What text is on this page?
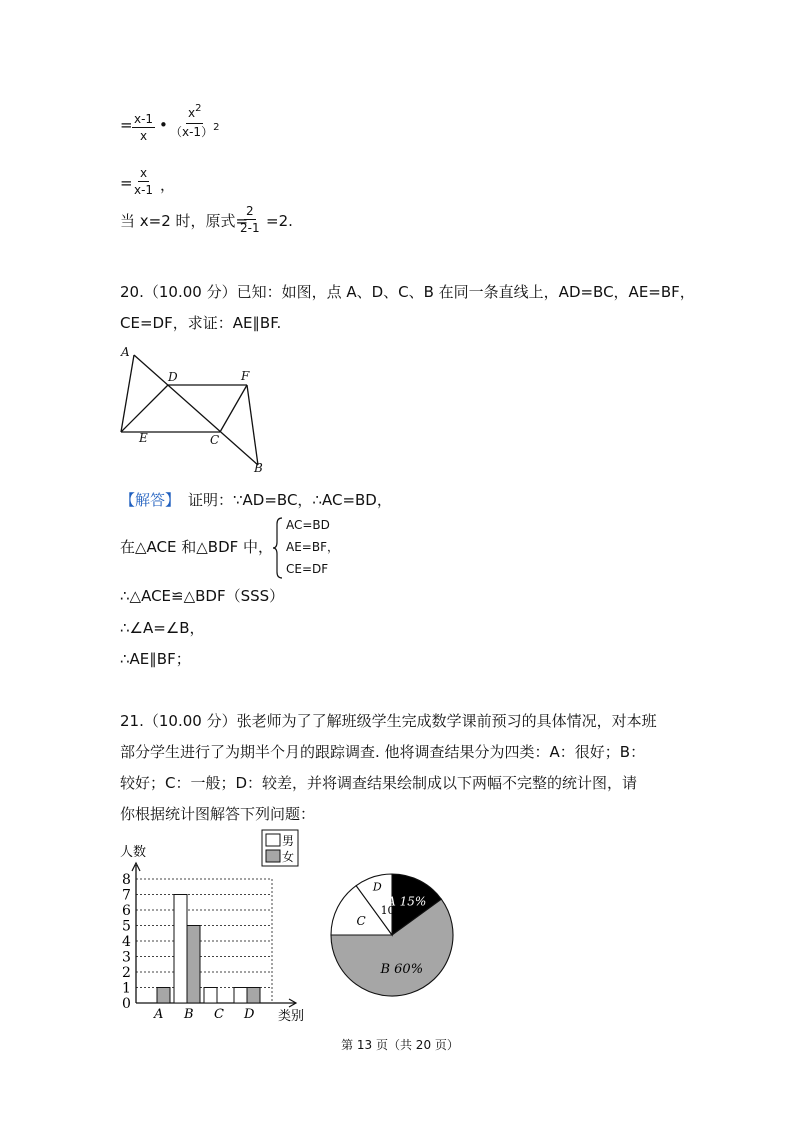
= $\frac{x-1}{x}$ • $\frac{x^2}{(x-1)^2}$
= $\frac{x}{x-1}$ ，
当 x=2 时，原式=
$\frac{2}{2-1} =2$.
20.（10.00 分）已知：如图，点 A、D、C、B 在同一条直线上，AD=BC，AE=BF，
CE=DF，求证：AE∥BF.
A
D	F
E	C
B
【解答】 证明：∵AD=BC，∴AC=BD，
在△ACE 和△BDF 中，
AC=BD
AE=BF，
CE=DF
∴△ACE≌△BDF（SSS）
∴∠A=∠B，
∴AE∥BF；
21.（10.00 分）张老师为了了解班级学生完成数学课前预习的具体情况，对本班
部分学生进行了为期半个月的跟踪调查. 他将调查结果分为四类：A：很好；B：
较好；C：一般；D：较差，并将调查结果绘制成以下两幅不完整的统计图，请
你根据统计图解答下列问题：
人数
类别
0
1
2
3
4
5
6
7
8
A B C D
男
女
A 15%
B 60%
C
D
10%
第 13 页（共 20 页）
